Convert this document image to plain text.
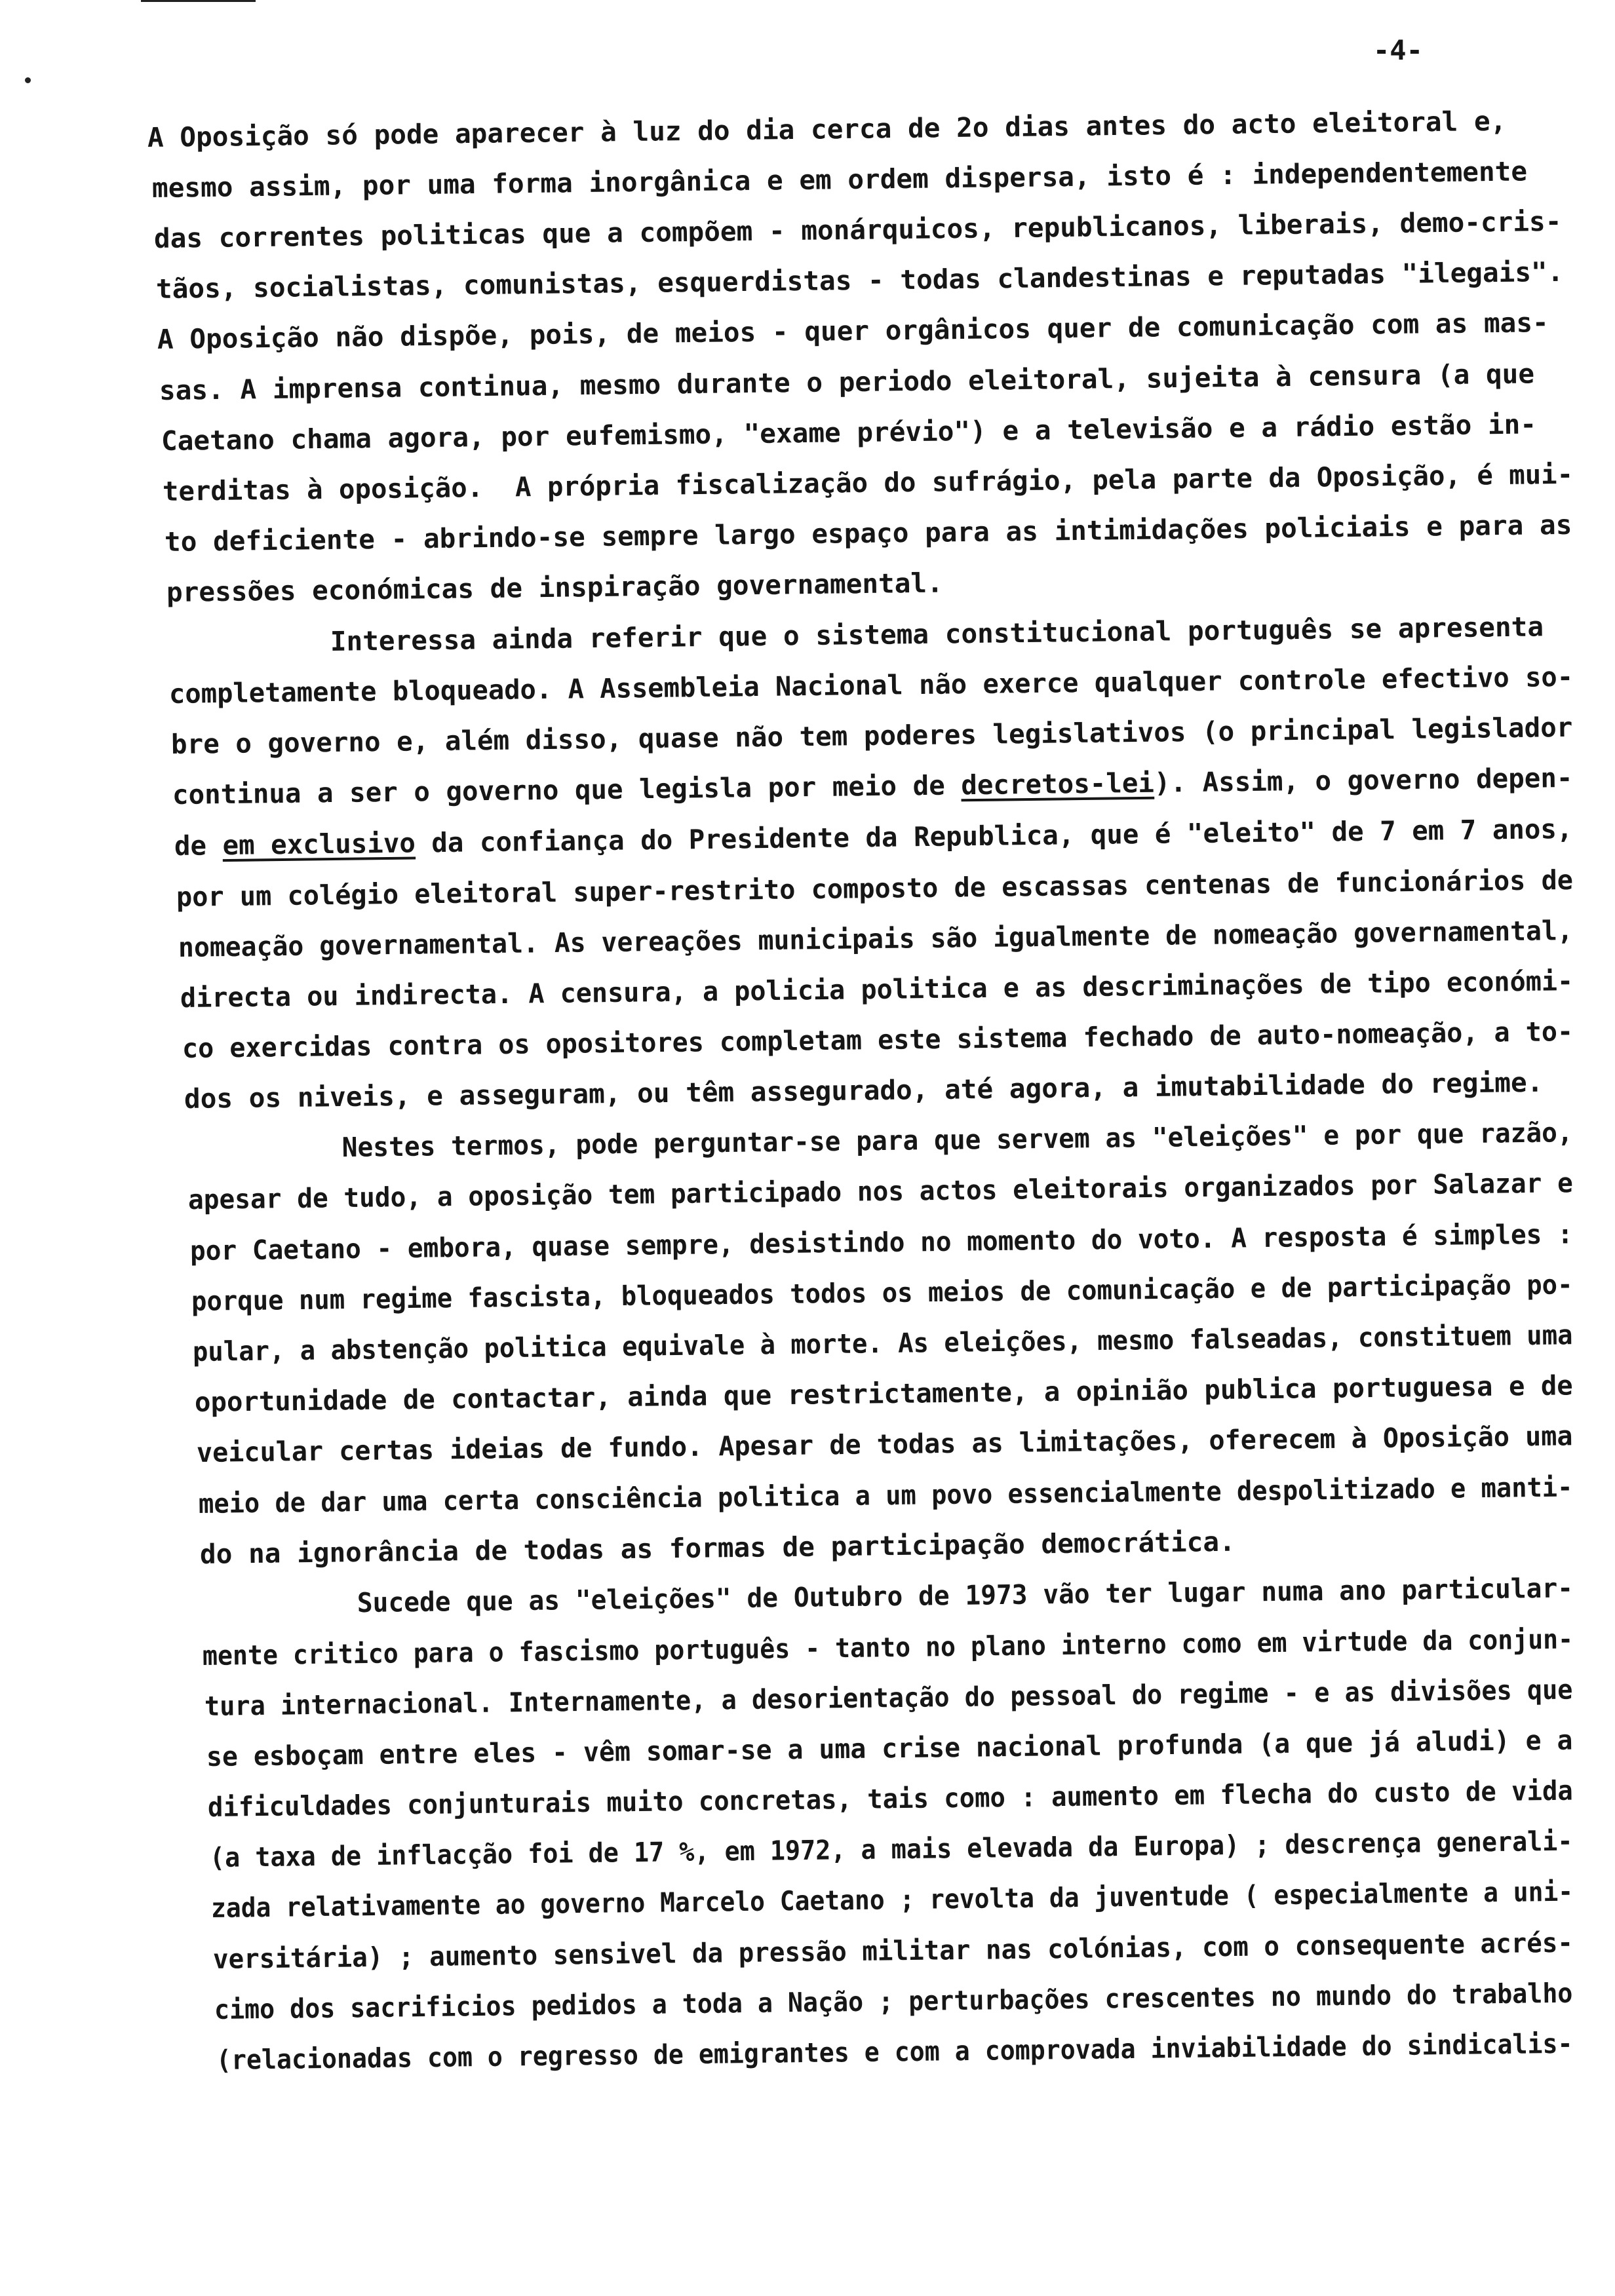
-4-
A Oposição só pode aparecer à luz do dia cerca de 2o dias antes do acto eleitoral e,
mesmo assim, por uma forma inorgânica e em ordem dispersa, isto é : independentemente
das correntes politicas que a compõem - monárquicos, republicanos, liberais, demo-cris-
tãos, socialistas, comunistas, esquerdistas - todas clandestinas e reputadas "ilegais".
A Oposição não dispõe, pois, de meios - quer orgânicos quer de comunicação com as mas-
sas. A imprensa continua, mesmo durante o periodo eleitoral, sujeita à censura (a que
Caetano chama agora, por eufemismo, "exame prévio") e a televisão e a rádio estão in-
terditas à oposição.  A própria fiscalização do sufrágio, pela parte da Oposição, é mui-
to deficiente - abrindo-se sempre largo espaço para as intimidações policiais e para as
pressões económicas de inspiração governamental.
Interessa ainda referir que o sistema constitucional português se apresenta
completamente bloqueado. A Assembleia Nacional não exerce qualquer controle efectivo so-
bre o governo e, além disso, quase não tem poderes legislativos (o principal legislador
continua a ser o governo que legisla por meio de decretos-lei). Assim, o governo depen-
de em exclusivo da confiança do Presidente da Republica, que é "eleito" de 7 em 7 anos,
por um colégio eleitoral super-restrito composto de escassas centenas de funcionários de
nomeação governamental. As vereações municipais são igualmente de nomeação governamental,
directa ou indirecta. A censura, a policia politica e as descriminações de tipo económi-
co exercidas contra os opositores completam este sistema fechado de auto-nomeação, a to-
dos os niveis, e asseguram, ou têm assegurado, até agora, a imutabilidade do regime.
Nestes termos, pode perguntar-se para que servem as "eleições" e por que razão,
apesar de tudo, a oposição tem participado nos actos eleitorais organizados por Salazar e
por Caetano - embora, quase sempre, desistindo no momento do voto. A resposta é simples :
porque num regime fascista, bloqueados todos os meios de comunicação e de participação po-
pular, a abstenção politica equivale à morte. As eleições, mesmo falseadas, constituem uma
oportunidade de contactar, ainda que restrictamente, a opinião publica portuguesa e de
veicular certas ideias de fundo. Apesar de todas as limitações, oferecem à Oposição uma
meio de dar uma certa consciência politica a um povo essencialmente despolitizado e manti-
do na ignorância de todas as formas de participação democrática.
Sucede que as "eleições" de Outubro de 1973 vão ter lugar numa ano particular-
mente critico para o fascismo português - tanto no plano interno como em virtude da conjun-
tura internacional. Internamente, a desorientação do pessoal do regime - e as divisões que
se esboçam entre eles - vêm somar-se a uma crise nacional profunda (a que já aludi) e a
dificuldades conjunturais muito concretas, tais como : aumento em flecha do custo de vida
(a taxa de inflacção foi de 17 %, em 1972, a mais elevada da Europa) ; descrença generali-
zada relativamente ao governo Marcelo Caetano ; revolta da juventude ( especialmente a uni-
versitária) ; aumento sensivel da pressão militar nas colónias, com o consequente acrés-
cimo dos sacrificios pedidos a toda a Nação ; perturbações crescentes no mundo do trabalho
(relacionadas com o regresso de emigrantes e com a comprovada inviabilidade do sindicalis-
